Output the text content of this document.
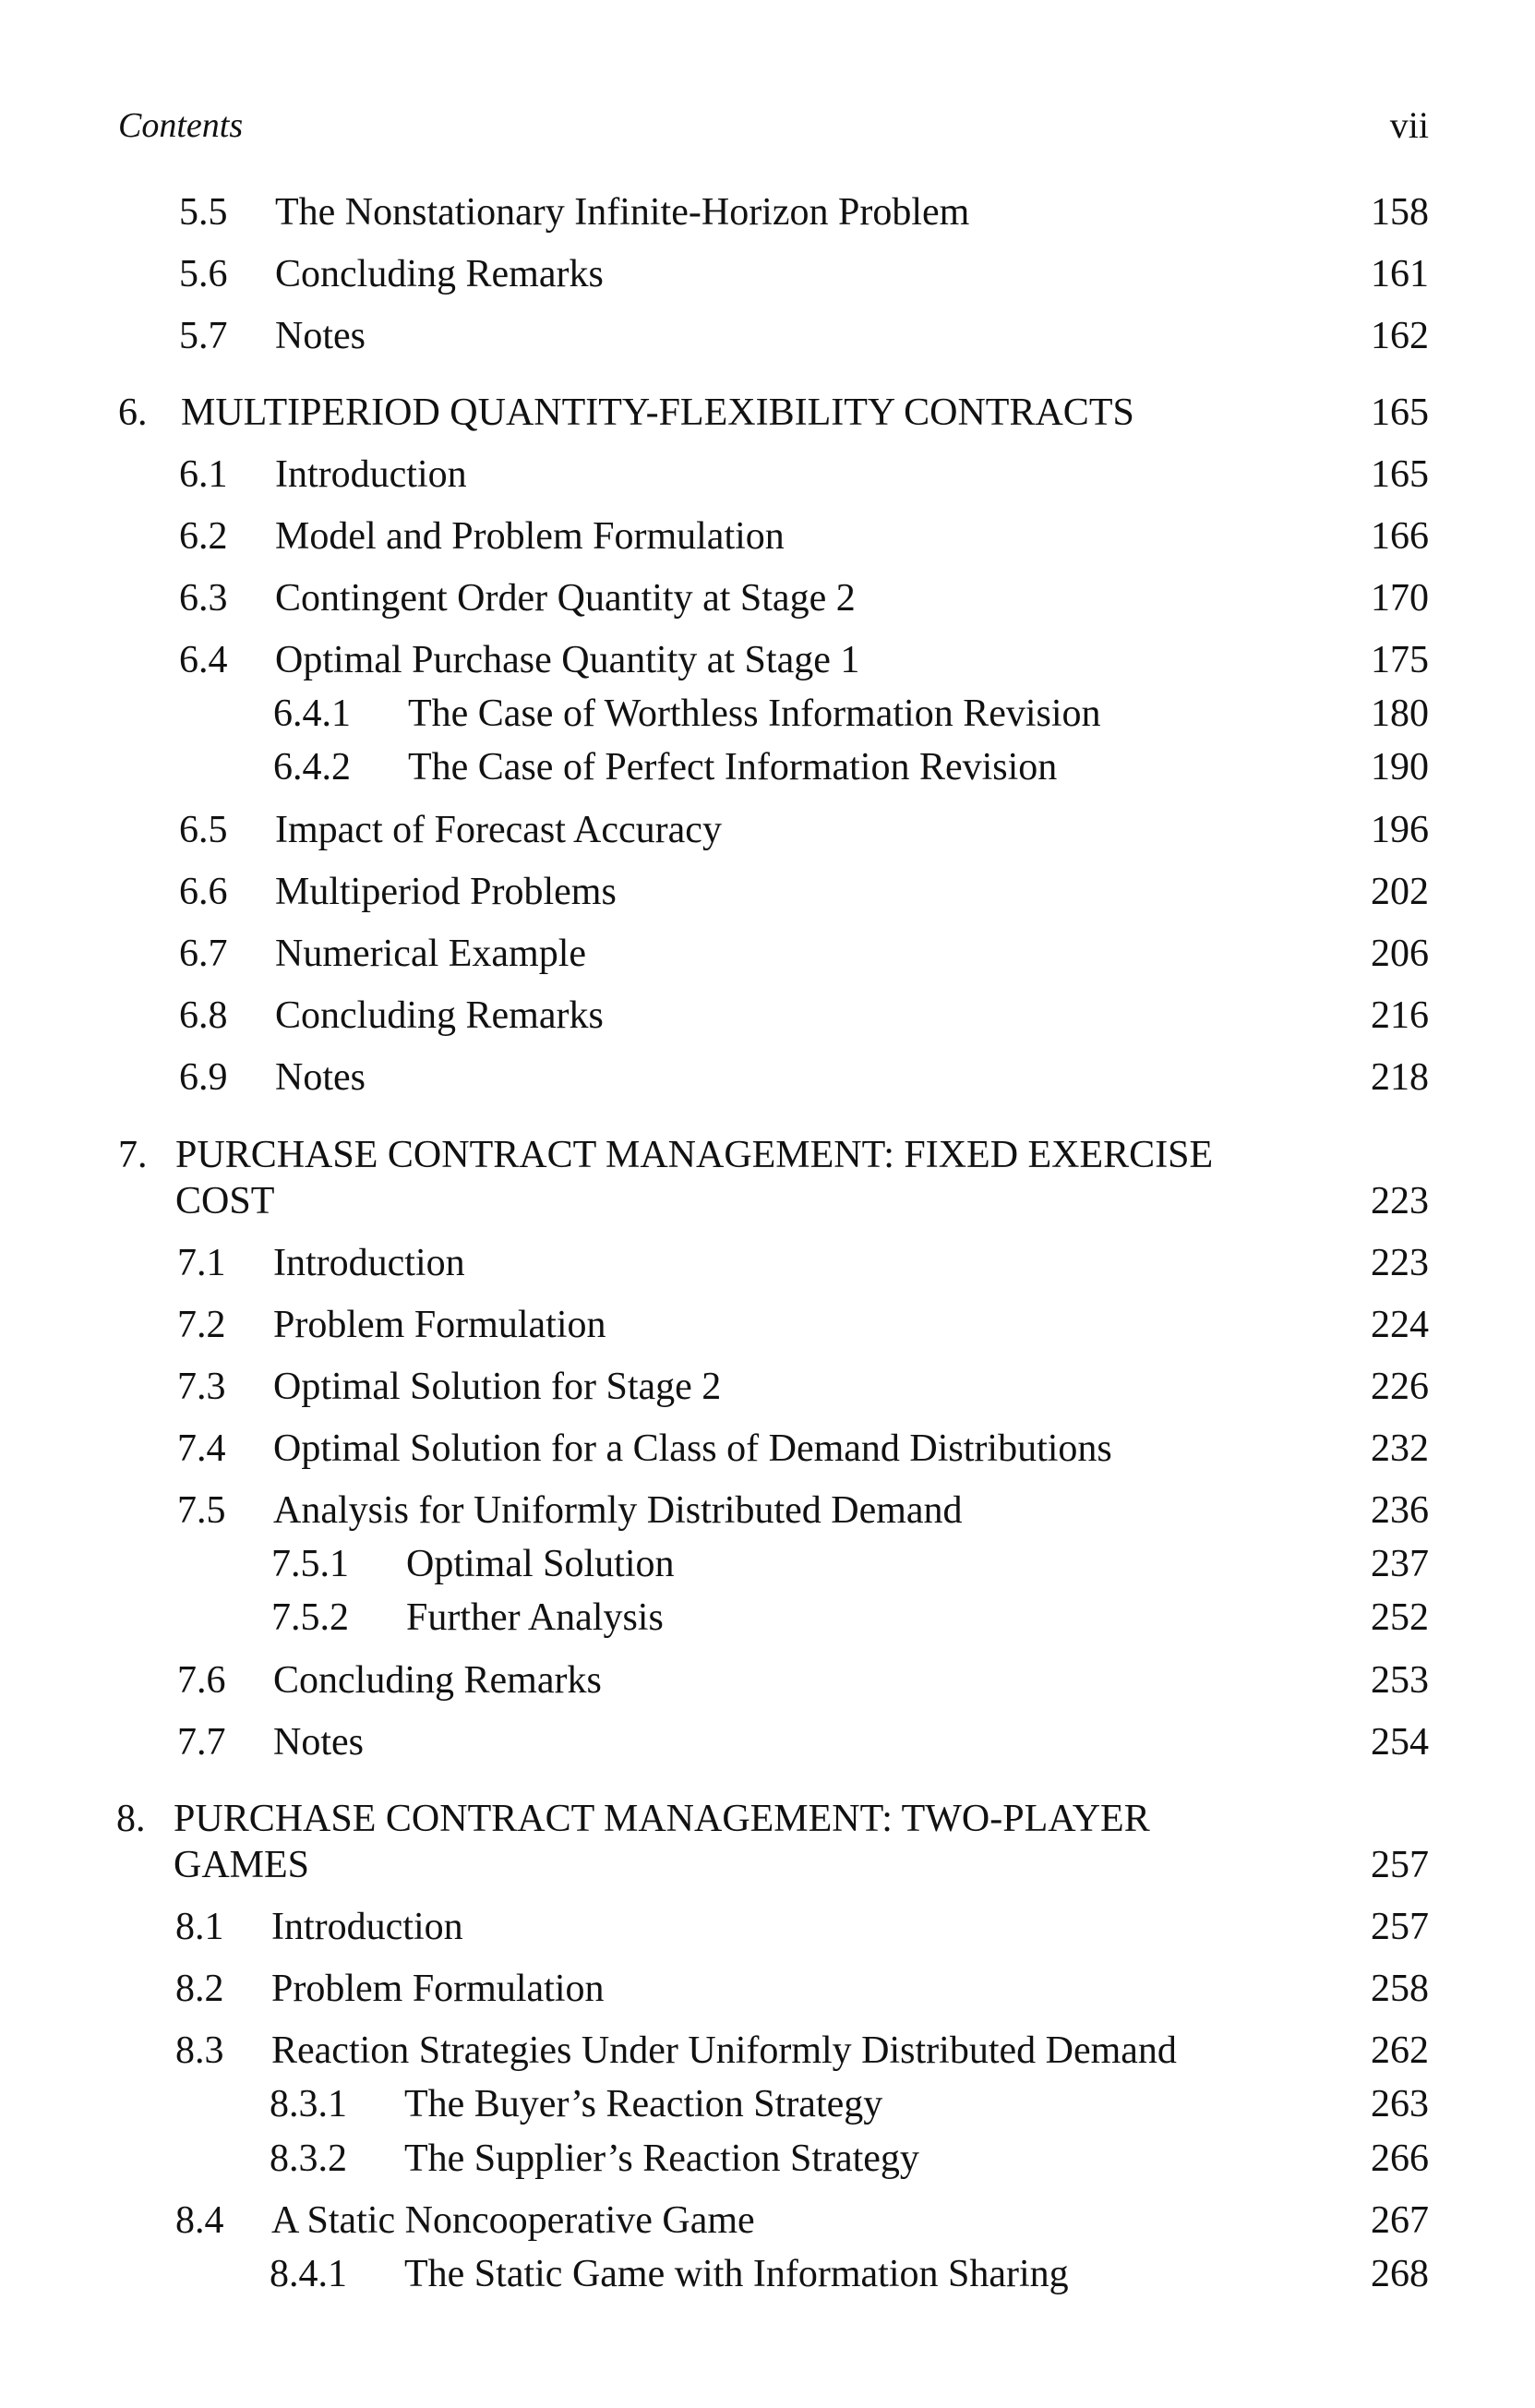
Contents	vii
5.5 The Nonstationary Infinite-Horizon Problem	158
5.6 Concluding Remarks	161
5.7 Notes	162
6. MULTIPERIOD QUANTITY-FLEXIBILITY CONTRACTS	165
6.1 Introduction	165
6.2 Model and Problem Formulation	166
6.3 Contingent Order Quantity at Stage 2	170
6.4 Optimal Purchase Quantity at Stage 1	175
6.4.1 The Case of Worthless Information Revision	180
6.4.2 The Case of Perfect Information Revision	190
6.5 Impact of Forecast Accuracy	196
6.6 Multiperiod Problems	202
6.7 Numerical Example	206
6.8 Concluding Remarks	216
6.9 Notes	218
7. PURCHASE CONTRACT MANAGEMENT: FIXED EXERCISE
COST	223
7.1 Introduction	223
7.2 Problem Formulation	224
7.3 Optimal Solution for Stage 2	226
7.4 Optimal Solution for a Class of Demand Distributions	232
7.5 Analysis for Uniformly Distributed Demand	236
7.5.1 Optimal Solution	237
7.5.2 Further Analysis	252
7.6 Concluding Remarks	253
7.7 Notes	254
8. PURCHASE CONTRACT MANAGEMENT: TWO-PLAYER
GAMES	257
8.1 Introduction	257
8.2 Problem Formulation	258
8.3 Reaction Strategies Under Uniformly Distributed Demand	262
8.3.1 The Buyer’s Reaction Strategy	263
8.3.2 The Supplier’s Reaction Strategy	266
8.4 A Static Noncooperative Game	267
8.4.1 The Static Game with Information Sharing	268
